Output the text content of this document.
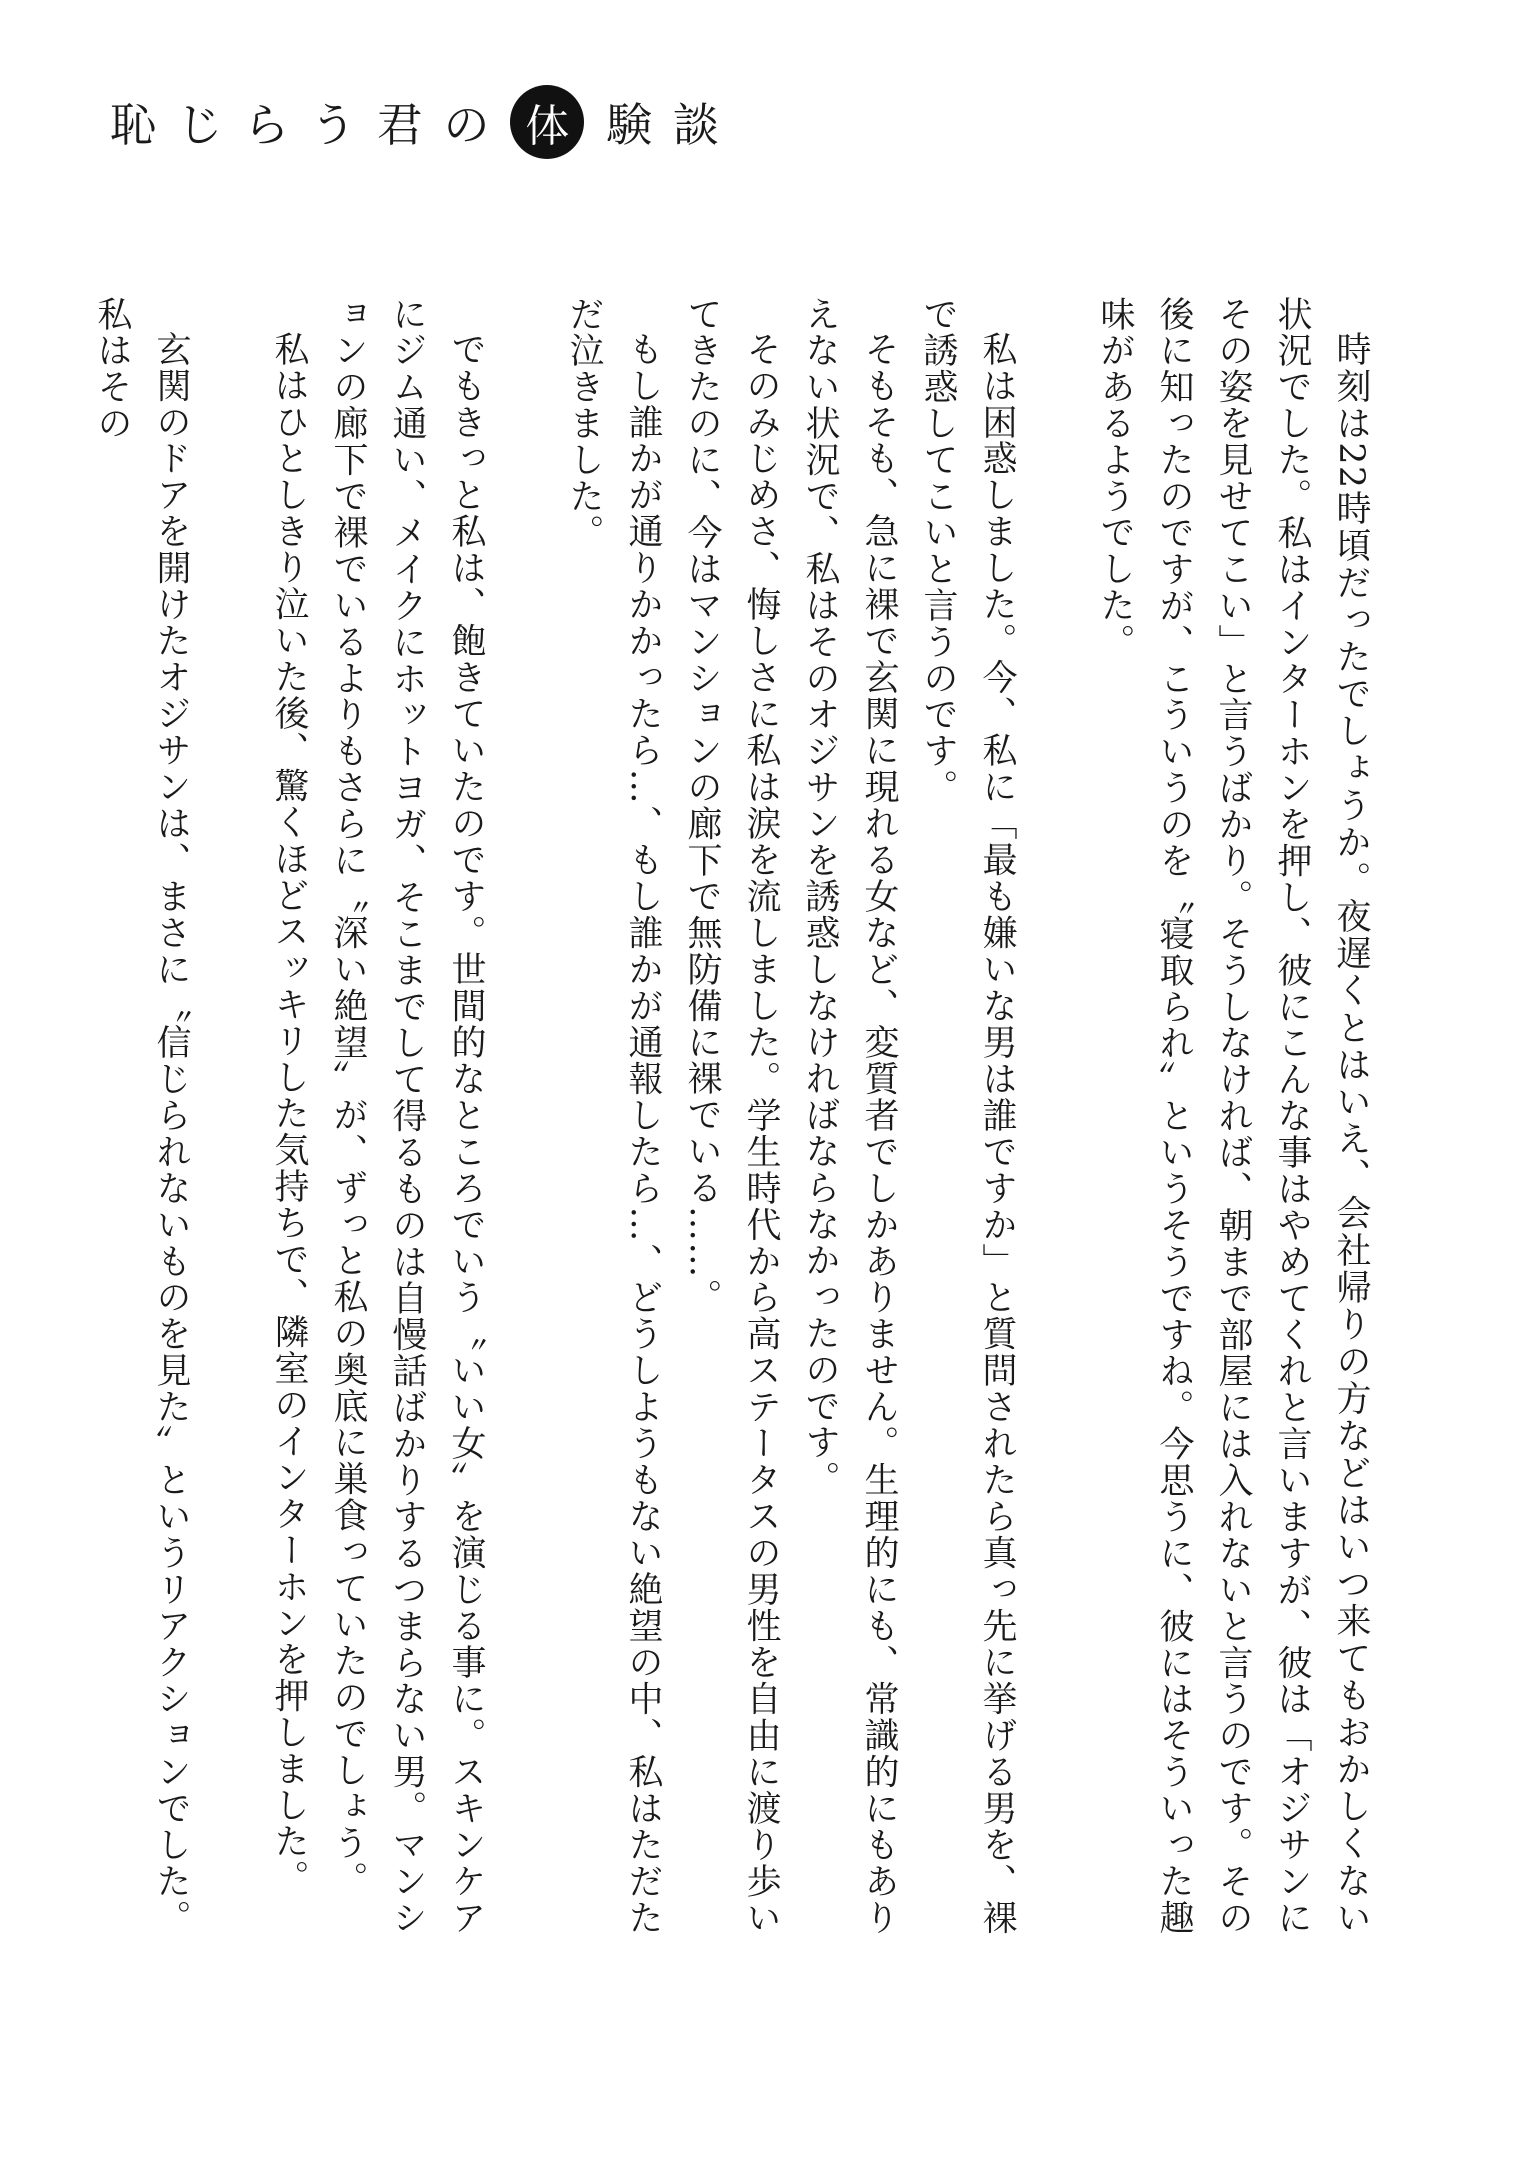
恥じらう君の 体 験談

時刻は22時頃だったでしょうか。夜遅くとはいえ、会社帰りの方などはいつ来てもおかしくない状況でした。私はインターホンを押し、彼にこんな事はやめてくれと言いますが、彼は「オジサンにその姿を見せてこい」と言うばかり。そうしなければ、朝まで部屋には入れないと言うのです。その後に知ったのですが、こういうのを〝寝取られ〟というそうですね。今思うに、彼にはそういった趣味があるようでした。

私は困惑しました。今、私に「最も嫌いな男は誰ですか」と質問されたら真っ先に挙げる男を、裸で誘惑してこいと言うのです。

そもそも、急に裸で玄関に現れる女など、変質者でしかありません。生理的にも、常識的にもありえない状況で、私はそのオジサンを誘惑しなければならなかったのです。

そのみじめさ、悔しさに私は涙を流しました。学生時代から高ステータスの男性を自由に渡り歩いてきたのに、今はマンションの廊下で無防備に裸でいる……。

もし誰かが通りかかったら…、もし誰かが通報したら…、どうしようもない絶望の中、私はただただ泣きました。

でもきっと私は、飽きていたのです。世間的なところでいう〝いい女〟を演じる事に。スキンケアにジム通い、メイクにホットヨガ、そこまでして得るものは自慢話ばかりするつまらない男。マンションの廊下で裸でいるよりもさらに〝深い絶望〟が、ずっと私の奥底に巣食っていたのでしょう。

私はひとしきり泣いた後、驚くほどスッキリした気持ちで、隣室のインターホンを押しました。

玄関のドアを開けたオジサンは、まさに〝信じられないものを見た〟というリアクションでした。私はその
